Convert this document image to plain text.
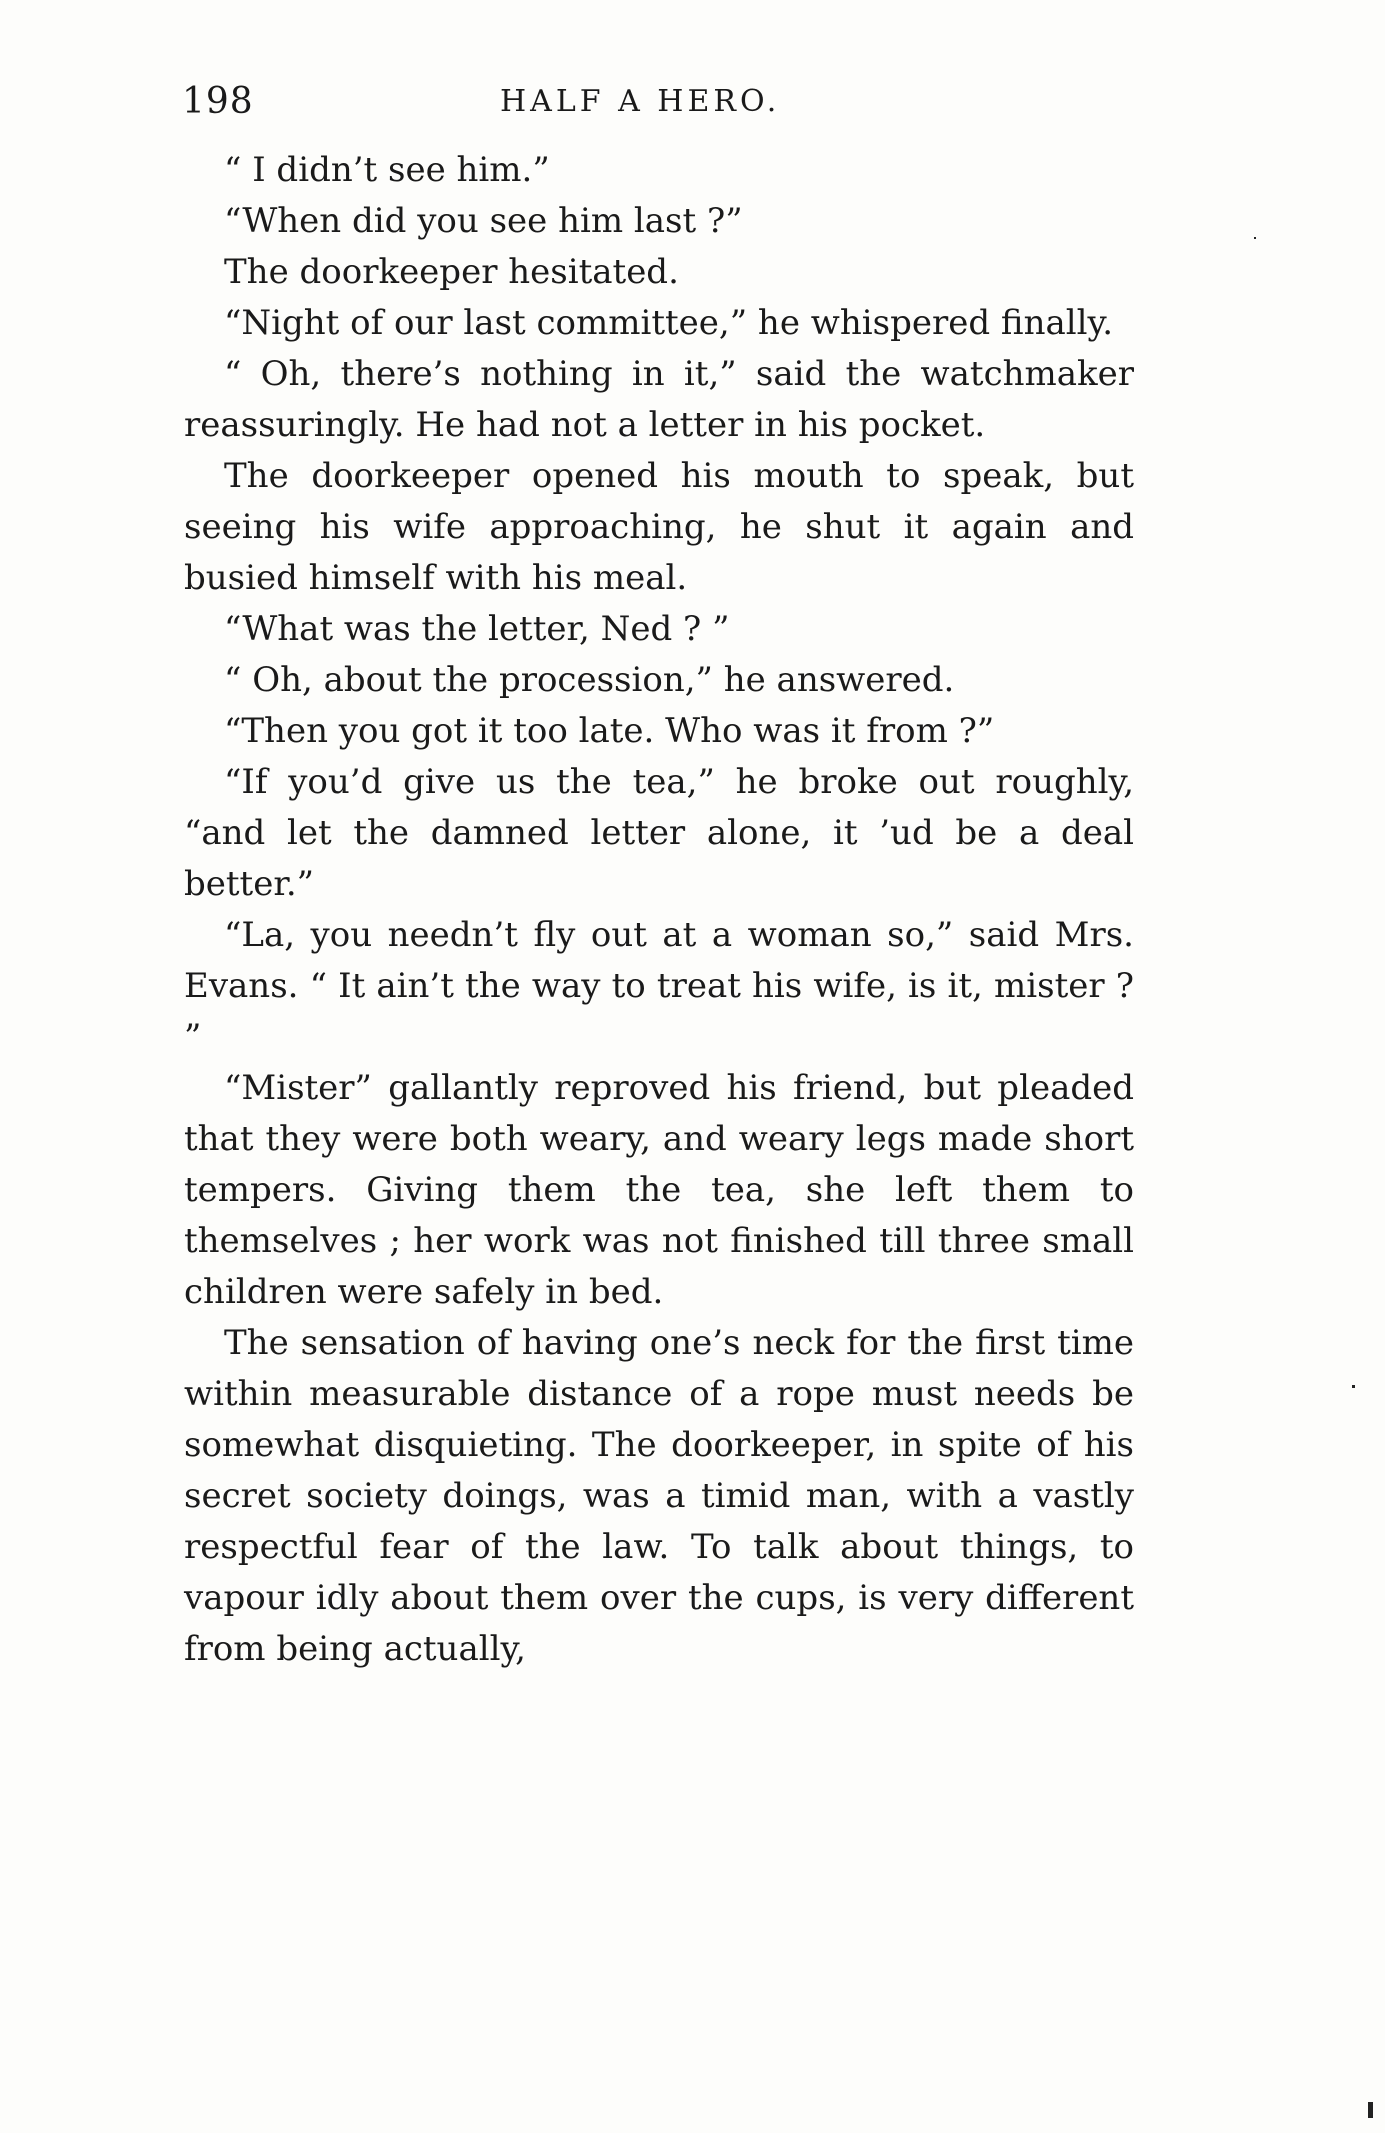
198	HALF A HERO.

“ I didn’t see him.”

“When did you see him last ?”

The doorkeeper hesitated.

“Night of our last committee,” he whispered finally.

“ Oh, there’s nothing in it,” said the watchmaker reassuringly. He had not a letter in his pocket.

The doorkeeper opened his mouth to speak, but seeing his wife approaching, he shut it again and busied himself with his meal.

“What was the letter, Ned ? ”

“ Oh, about the procession,” he answered.

“Then you got it too late. Who was it from ?”

“If you’d give us the tea,” he broke out roughly, “and let the damned letter alone, it ’ud be a deal better.”

“La, you needn’t fly out at a woman so,” said Mrs. Evans. “ It ain’t the way to treat his wife, is it, mister ? ”

“Mister” gallantly reproved his friend, but pleaded that they were both weary, and weary legs made short tempers. Giving them the tea, she left them to themselves ; her work was not finished till three small children were safely in bed.

The sensation of having one’s neck for the first time within measurable distance of a rope must needs be somewhat disquieting. The doorkeeper, in spite of his secret society doings, was a timid man, with a vastly respectful fear of the law. To talk about things, to vapour idly about them over the cups, is very different from being actually,
